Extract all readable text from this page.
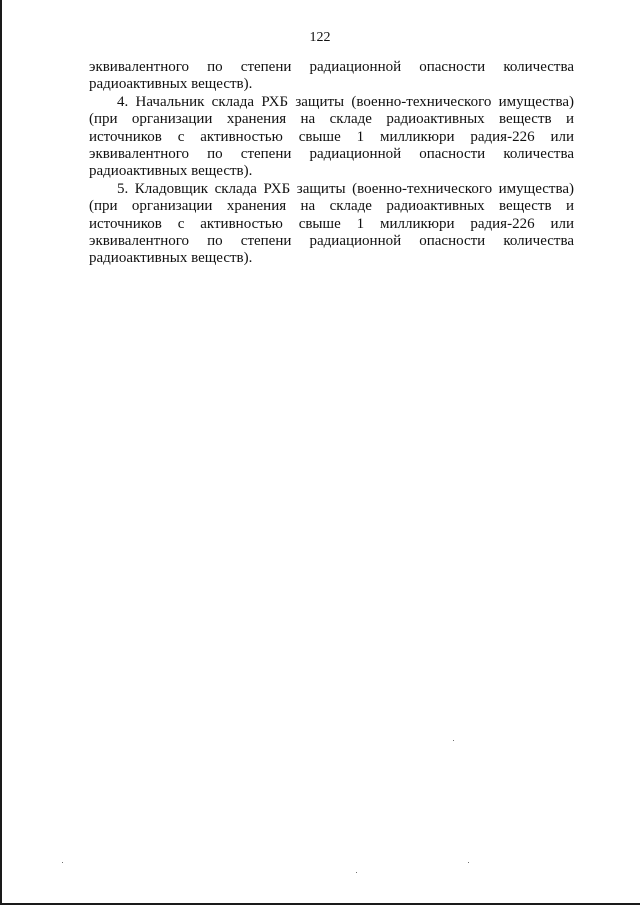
122

эквивалентного по степени радиационной опасности количества радиоактивных веществ).

4. Начальник склада РХБ защиты (военно-технического имущества) (при организации хранения на складе радиоактивных веществ и источников с активностью свыше 1 милликюри радия-226 или эквивалентного по степени радиационной опасности количества радиоактивных веществ).

5. Кладовщик склада РХБ защиты (военно-технического имущества) (при организации хранения на складе радиоактивных веществ и источников с активностью свыше 1 милликюри радия-226 или эквивалентного по степени радиационной опасности количества радиоактивных веществ).
